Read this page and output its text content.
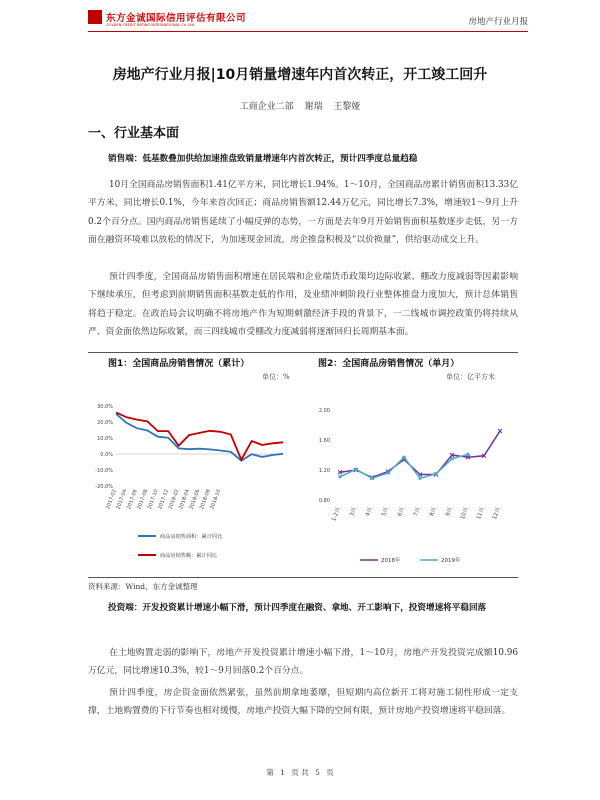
东方金诚国际信用评估有限公司
GOLDEN CREDIT RATING INTERNATIONAL Co.,Ltd.	房地产行业月报
房地产行业月报|10月销量增速年内首次转正，开工竣工回升
工商企业二部 谢瑞 王黎娅
一、行业基本面
销售端：低基数叠加供给加速推盘致销量增速年内首次转正，预计四季度总量趋稳
10月全国商品房销售面积1.41亿平方米，同比增长1.94%。1～10月，全国商品房累计销售面积13.33亿平方米，同比增长0.1%，今年来首次回正；商品房销售额12.44万亿元，同比增长7.3%，增速较1～9月上升0.2个百分点。国内商品房销售延续了小幅反弹的态势，一方面是去年9月开始销售面积基数逐步走低，另一方面在融资环境难以放松的情况下，为加速现金回流，房企推盘积极及“以价换量”，供给驱动成交上升。
预计四季度，全国商品房销售面积增速在居民端和企业端货币政策均边际收紧、棚改力度减弱等因素影响下继续承压，但考虑到前期销售面积基数走低的作用，及业绩冲刺阶段行业整体推盘力度加大，预计总体销售将趋于稳定。在政治局会议明确不将房地产作为短期刺激经济手段的背景下，一二线城市调控政策仍将持续从严、资金面依然边际收紧，而三四线城市受棚改力度减弱将逐渐回归长周期基本面。
图1：全国商品房销售情况（累计）
单位：%
图2：全国商品房销售情况（单月）
单位：亿平方米
30.0%
20.0%
10.0%
0.0%
-10.0%
-20.0%
2017-02
2017-04
2017-06
2017-08
2017-10
2017-12
2018-02
2018-04
2018-06
2018-08
2018-10
商品房销售面积：累计同比
商品房销售额：累计同比
2.00
1.60
1.20
0.80
1-2月	3月	4月	5月	6月	7月	8月	9月	10月	11月	12月
2018年	2019年
资料来源：Wind，东方金诚整理
投资端：开发投资累计增速小幅下滑，预计四季度在融资、拿地、开工影响下，投资增速将平稳回落
在土地购置走弱的影响下，房地产开发投资累计增速小幅下滑，1～10月，房地产开发投资完成额10.96万亿元，同比增速10.3%，较1～9月回落0.2个百分点。
预计四季度，房企资金面依然紧张，虽然前期拿地萎靡，但短期内高位新开工将对施工韧性形成一定支撑，土地购置费的下行节奏也相对缓慢，房地产投资大幅下降的空间有限，预计房地产投资增速将平稳回落。
第 1 页 共 5 页
